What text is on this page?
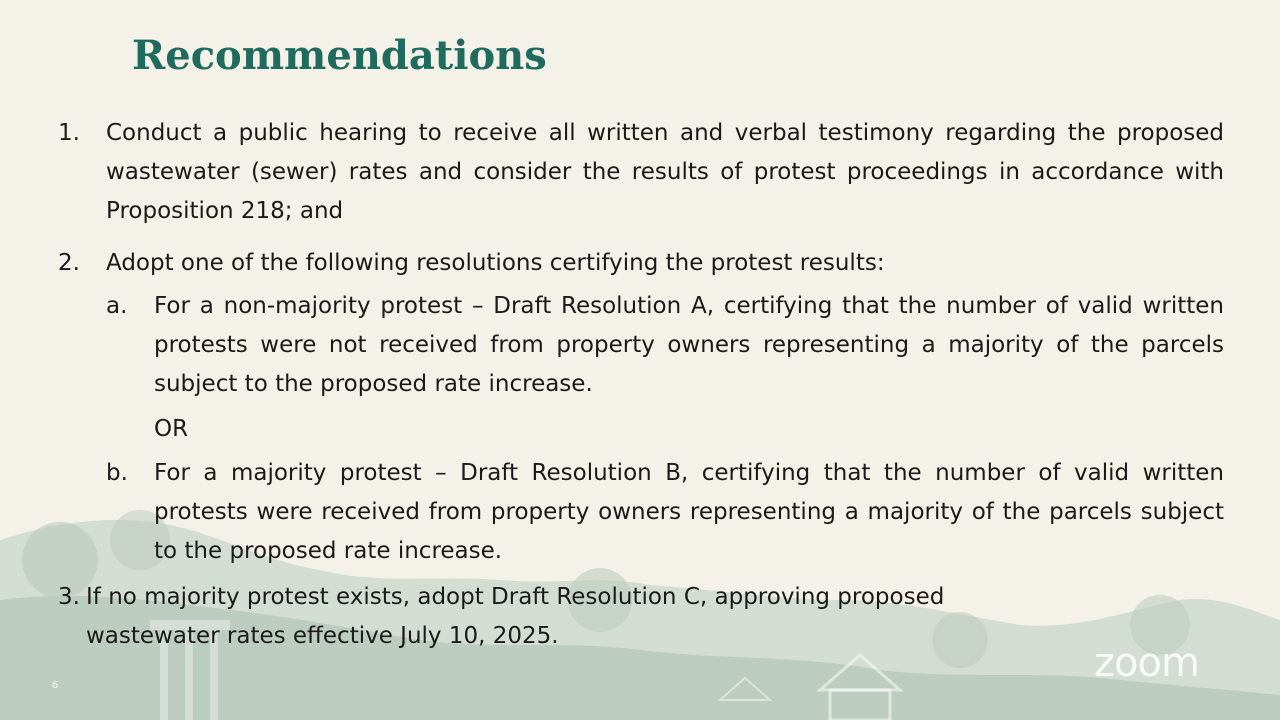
Recommendations
1. Conduct a public hearing to receive all written and verbal testimony regarding the proposed wastewater (sewer) rates and consider the results of protest proceedings in accordance with Proposition 218; and
2. Adopt one of the following resolutions certifying the protest results:
a. For a non-majority protest – Draft Resolution A, certifying that the number of valid written protests were not received from property owners representing a majority of the parcels subject to the proposed rate increase.
OR
b. For a majority protest – Draft Resolution B, certifying that the number of valid written protests were received from property owners representing a majority of the parcels subject to the proposed rate increase.
3. If no majority protest exists, adopt Draft Resolution C, approving proposed
wastewater rates effective July 10, 2025.
zoom
6
